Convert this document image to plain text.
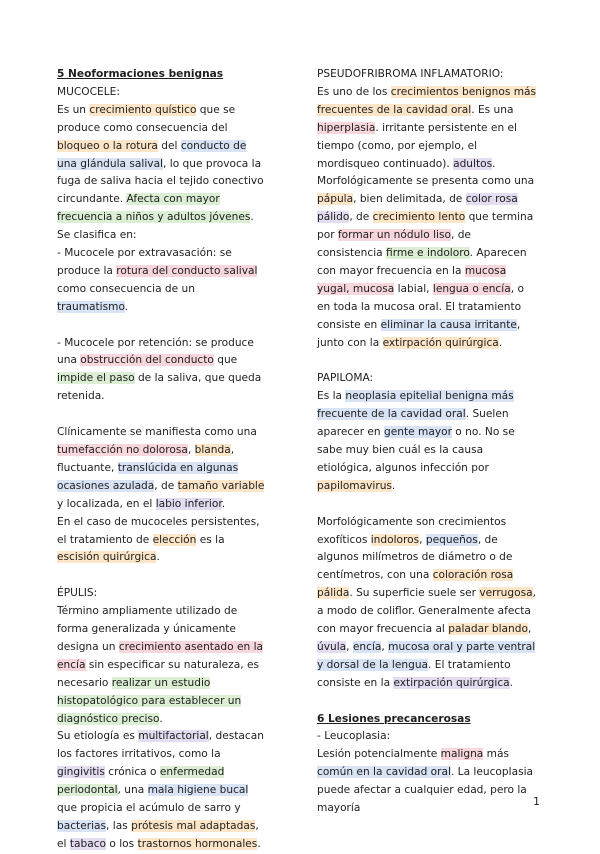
5 Neoformaciones benignas
MUCOCELE:
Es un crecimiento quístico que se produce como consecuencia del bloqueo o la rotura del conducto de una glándula salival, lo que provoca la fuga de saliva hacia el tejido conectivo circundante. Afecta con mayor frecuencia a niños y adultos jóvenes. Se clasifica en:
- Mucocele por extravasación: se produce la rotura del conducto salival como consecuencia de un traumatismo.
- Mucocele por retención: se produce una obstrucción del conducto que impide el paso de la saliva, que queda retenida.
Clínicamente se manifiesta como una tumefacción no dolorosa, blanda, fluctuante, translúcida en algunas ocasiones azulada, de tamaño variable y localizada, en el labio inferior.
En el caso de mucoceles persistentes, el tratamiento de elección es la escisión quirúrgica.
ÉPULIS:
Término ampliamente utilizado de forma generalizada y únicamente designa un crecimiento asentado en la encía sin especificar su naturaleza, es necesario realizar un estudio histopatológico para establecer un diagnóstico preciso.
Su etiología es multifactorial, destacan los factores irritativos, como la gingivitis crónica o enfermedad periodontal, una mala higiene bucal que propicia el acúmulo de sarro y bacterias, las prótesis mal adaptadas, el tabaco o los trastornos hormonales.
PSEUDOFRIBROMA INFLAMATORIO:
Es uno de los crecimientos benignos más frecuentes de la cavidad oral. Es una hiperplasia. irritante persistente en el tiempo (como, por ejemplo, el mordisqueo continuado). adultos.
Morfológicamente se presenta como una pápula, bien delimitada, de color rosa pálido, de crecimiento lento que termina por formar un nódulo liso, de consistencia firme e indoloro. Aparecen con mayor frecuencia en la mucosa yugal, mucosa labial, lengua o encía, o en toda la mucosa oral. El tratamiento consiste en eliminar la causa irritante, junto con la extirpación quirúrgica.
PAPILOMA:
Es la neoplasia epitelial benigna más frecuente de la cavidad oral. Suelen aparecer en gente mayor o no. No se sabe muy bien cuál es la causa etiológica, algunos infección por papilomavirus.
Morfológicamente son crecimientos exofíticos indoloros, pequeños, de algunos milímetros de diámetro o de centímetros, con una coloración rosa pálida. Su superficie suele ser verrugosa, a modo de coliflor. Generalmente afecta con mayor frecuencia al paladar blando, úvula, encía, mucosa oral y parte ventral y dorsal de la lengua. El tratamiento consiste en la extirpación quirúrgica.
6 Lesiones precancerosas
- Leucoplasia:
Lesión potencialmente maligna más común en la cavidad oral. La leucoplasia puede afectar a cualquier edad, pero la mayoría
1
